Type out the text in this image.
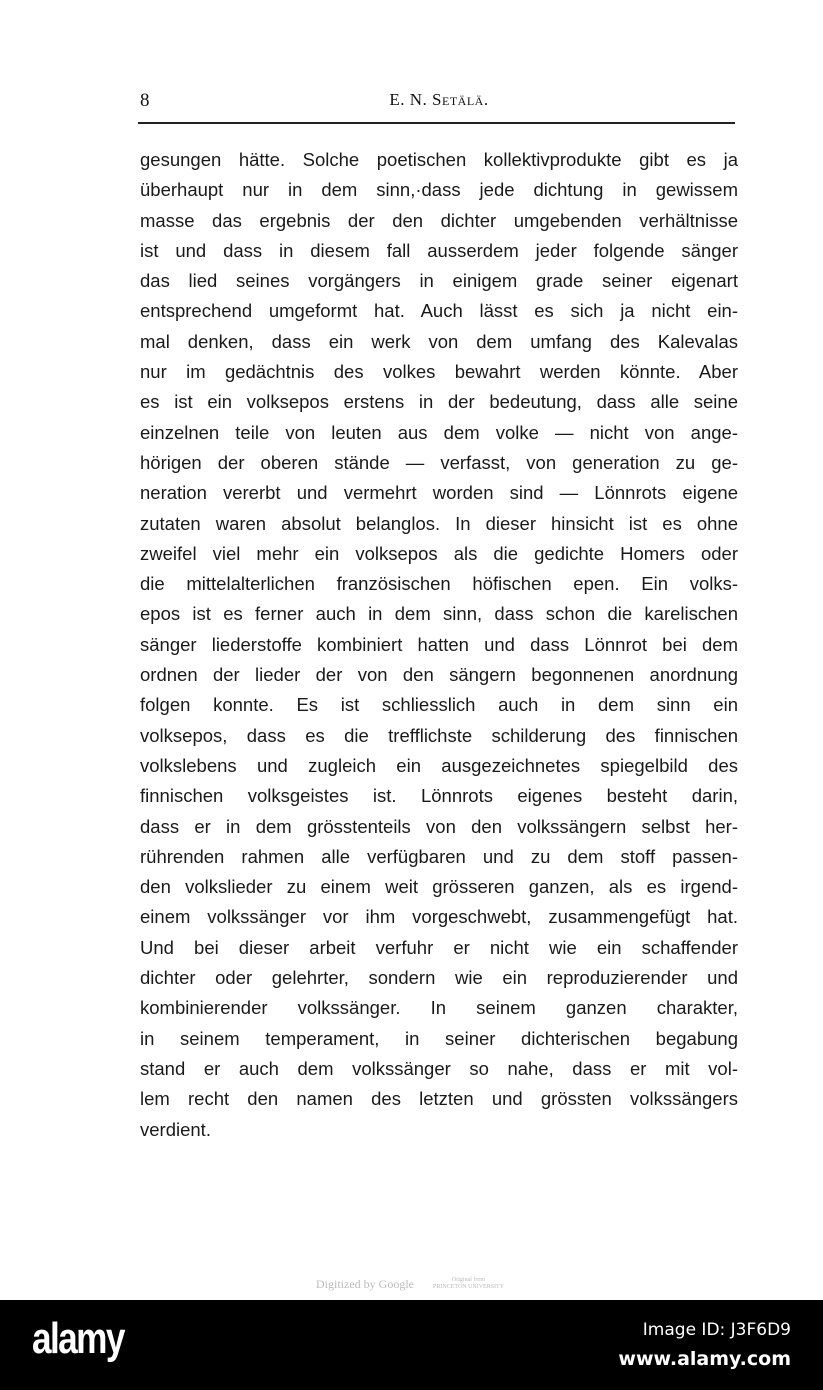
8	E. N. Setälä.
gesungen hätte. Solche poetischen kollektivprodukte gibt es ja
überhaupt nur in dem sinn,·dass jede dichtung in gewissem
masse das ergebnis der den dichter umgebenden verhältnisse
ist und dass in diesem fall ausserdem jeder folgende sänger
das lied seines vorgängers in einigem grade seiner eigenart
entsprechend umgeformt hat. Auch lässt es sich ja nicht ein-
mal denken, dass ein werk von dem umfang des Kalevalas
nur im gedächtnis des volkes bewahrt werden könnte. Aber
es ist ein volksepos erstens in der bedeutung, dass alle seine
einzelnen teile von leuten aus dem volke — nicht von ange-
hörigen der oberen stände — verfasst, von generation zu ge-
neration vererbt und vermehrt worden sind — Lönnrots eigene
zutaten waren absolut belanglos. In dieser hinsicht ist es ohne
zweifel viel mehr ein volksepos als die gedichte Homers oder
die mittelalterlichen französischen höfischen epen. Ein volks-
epos ist es ferner auch in dem sinn, dass schon die karelischen
sänger liederstoffe kombiniert hatten und dass Lönnrot bei dem
ordnen der lieder der von den sängern begonnenen anordnung
folgen konnte. Es ist schliesslich auch in dem sinn ein
volksepos, dass es die trefflichste schilderung des finnischen
volkslebens und zugleich ein ausgezeichnetes spiegelbild des
finnischen volksgeistes ist. Lönnrots eigenes besteht darin,
dass er in dem grösstenteils von den volkssängern selbst her-
rührenden rahmen alle verfügbaren und zu dem stoff passen-
den volkslieder zu einem weit grösseren ganzen, als es irgend-
einem volkssänger vor ihm vorgeschwebt, zusammengefügt hat.
Und bei dieser arbeit verfuhr er nicht wie ein schaffender
dichter oder gelehrter, sondern wie ein reproduzierender und
kombinierender volkssänger. In seinem ganzen charakter,
in seinem temperament, in seiner dichterischen begabung
stand er auch dem volkssänger so nahe, dass er mit vol-
lem recht den namen des letzten und grössten volkssängers
verdient.
Digitized by Google	Original from
PRINCETON UNIVERSITY
alamy	Image ID: J3F6D9
www.alamy.com
